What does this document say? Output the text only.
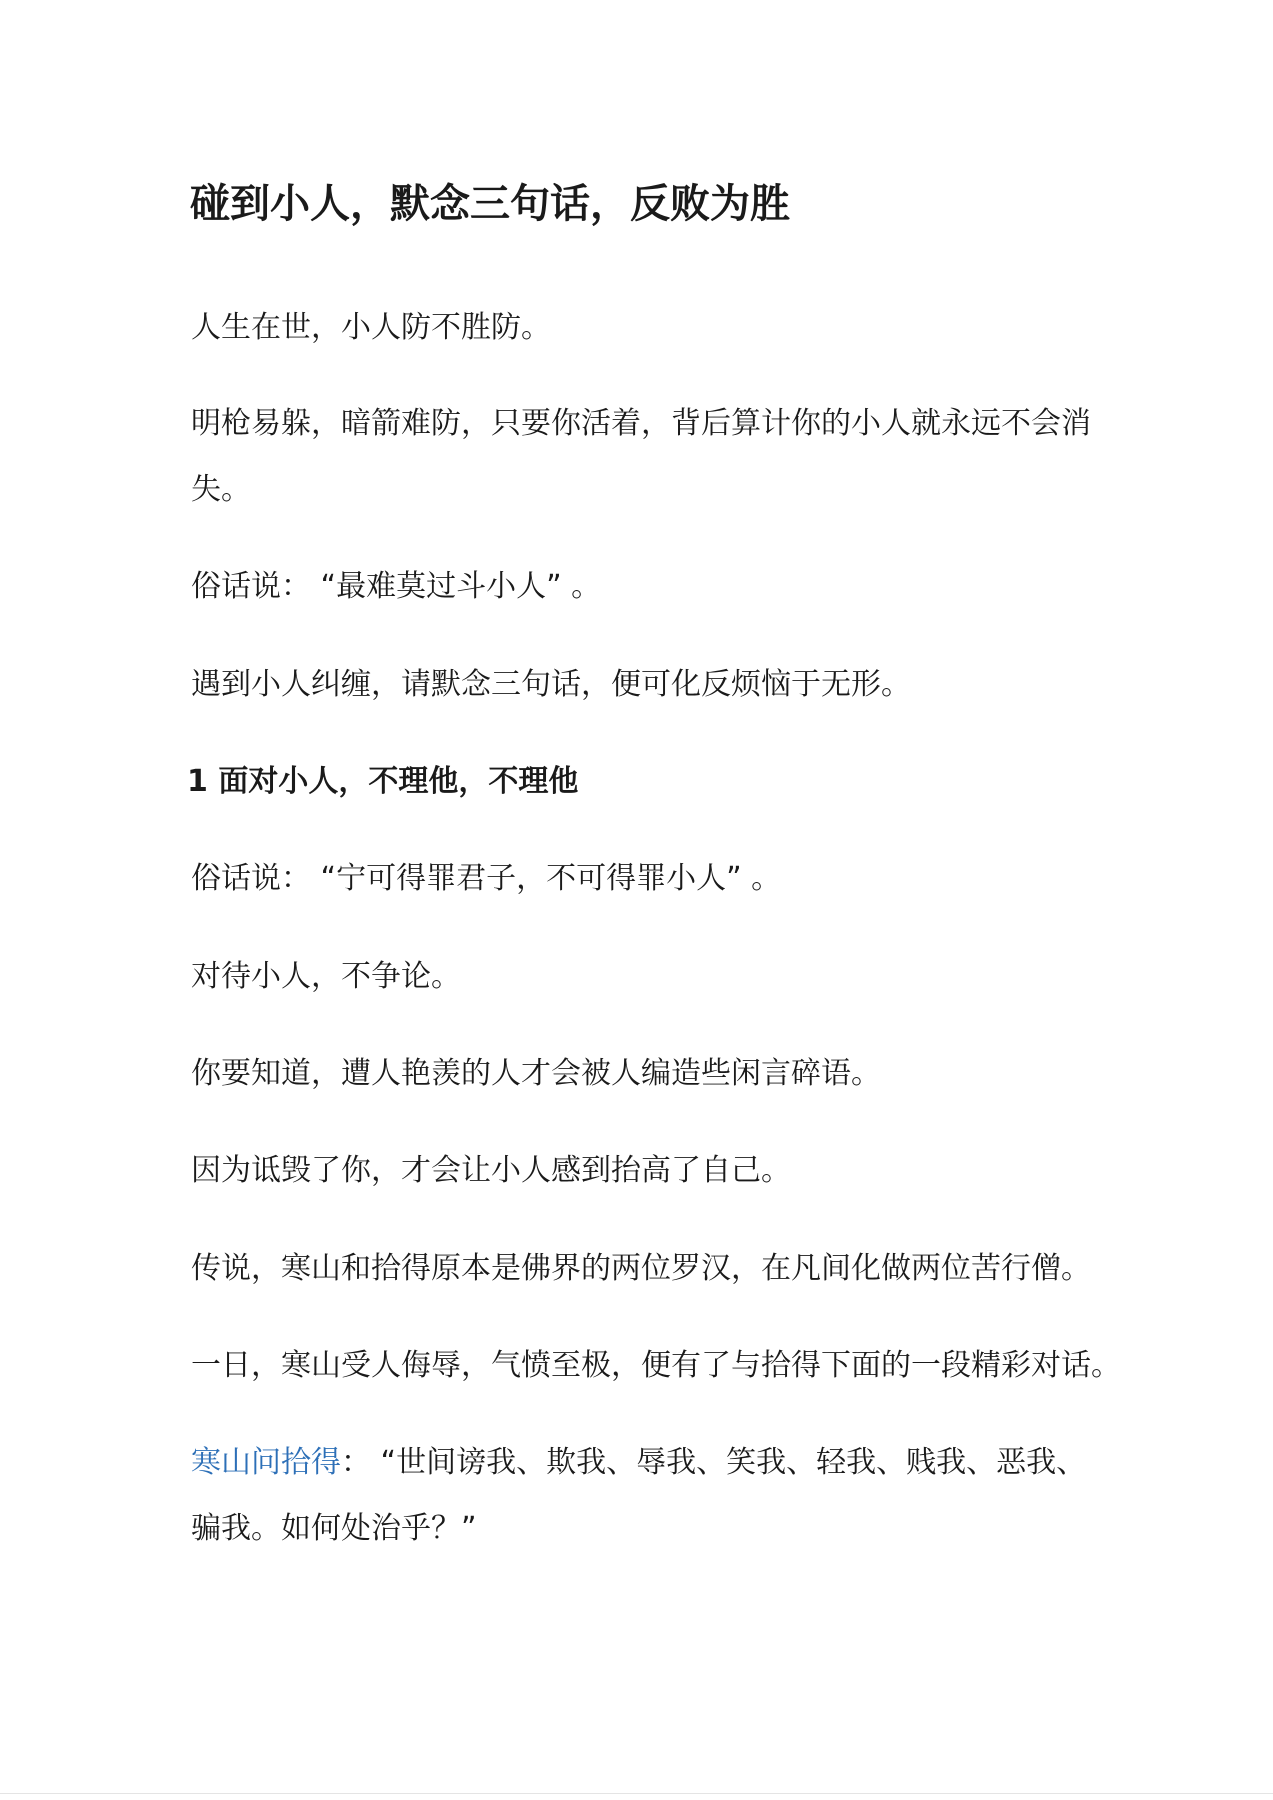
碰到小人，默念三句话，反败为胜

人生在世，小人防不胜防。

明枪易躲，暗箭难防，只要你活着，背后算计你的小人就永远不会消

失。

俗话说： “最难莫过斗小人” 。

遇到小人纠缠，请默念三句话，便可化反烦恼于无形。

1 面对小人，不理他，不理他

俗话说： “宁可得罪君子，不可得罪小人” 。

对待小人，不争论。

你要知道，遭人艳羡的人才会被人编造些闲言碎语。

因为诋毁了你，才会让小人感到抬高了自己。

传说，寒山和拾得原本是佛界的两位罗汉，在凡间化做两位苦行僧。

一日，寒山受人侮辱，气愤至极，便有了与拾得下面的一段精彩对话。

寒山问拾得： “世间谤我、欺我、辱我、笑我、轻我、贱我、恶我、

骗我。如何处治乎？”
